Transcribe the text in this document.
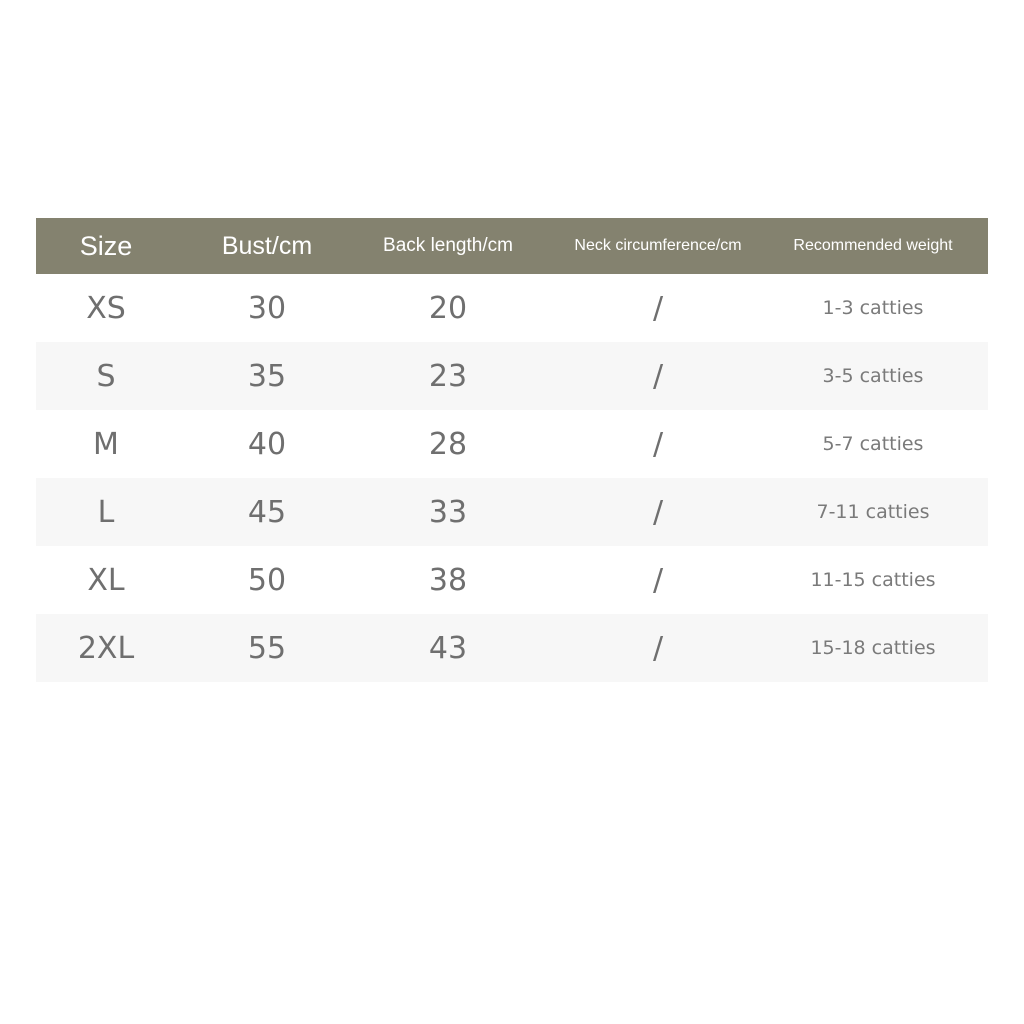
Size	Bust/cm	Back length/cm	Neck circumference/cm	Recommended weight
XS	30	20	/	1-3 catties
S	35	23	/	3-5 catties
M	40	28	/	5-7 catties
L	45	33	/	7-11 catties
XL	50	38	/	11-15 catties
2XL	55	43	/	15-18 catties
